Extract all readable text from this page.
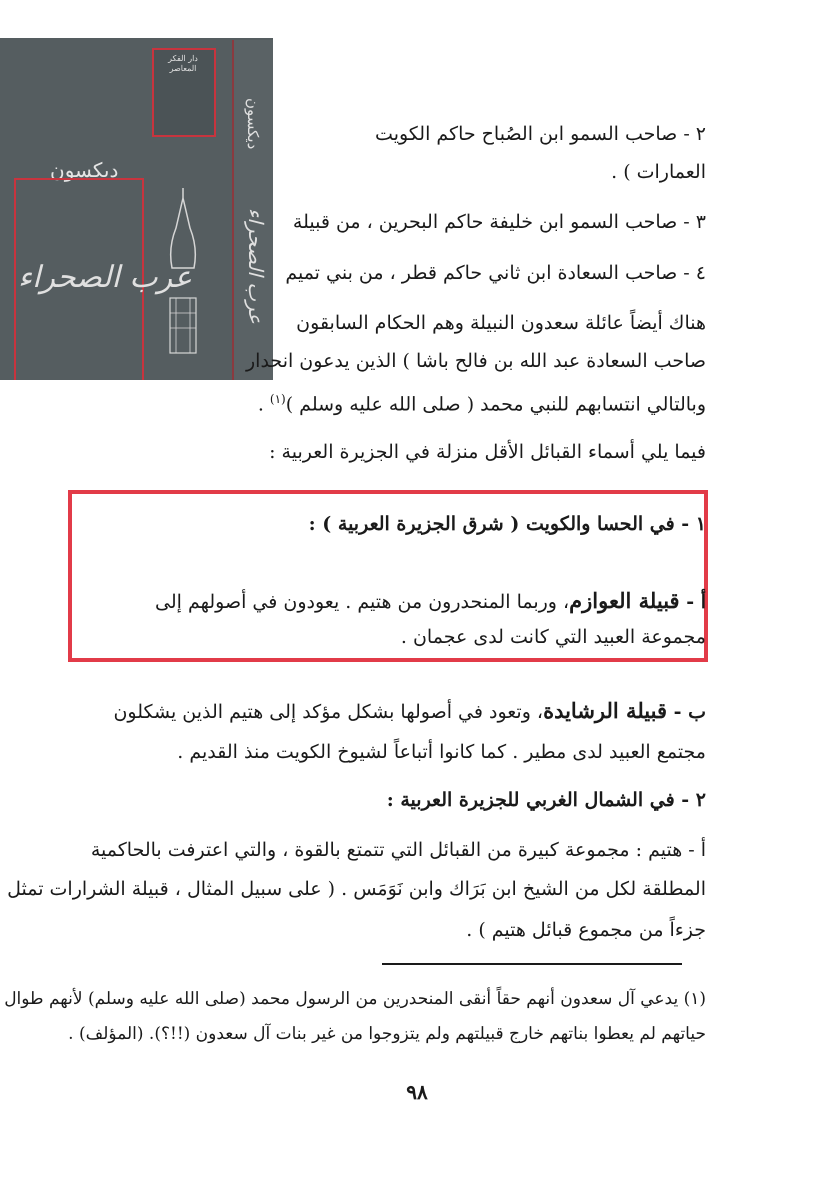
دار الفكر المعاصر
ديكسون
عرب الصحراء
ديكسون
عرب الصحراء
٢ - صاحب السمو ابن الصُباح حاكم الكويت
العمارات ) .
٣ - صاحب السمو ابن خليفة حاكم البحرين ، من قبيلة
٤ - صاحب السعادة ابن ثاني حاكم قطر ، من بني تميم
هناك أيضاً عائلة سعدون النبيلة وهم الحكام السابقون
صاحب السعادة عبد الله بن فالح باشا ) الذين يدعون انحدار
وبالتالي انتسابهم للنبي محمد ( صلى الله عليه وسلم )$^{(١)}$ .
فيما يلي أسماء القبائل الأقل منزلة في الجزيرة العربية :
١ - في الحسا والكويت ( شرق الجزيرة العربية ) :
أ - قبيلة العوازم، وربما المنحدرون من هتيم . يعودون في أصولهم إلى
مجموعة العبيد التي كانت لدى عجمان .
ب - قبيلة الرشايدة، وتعود في أصولها بشكل مؤكد إلى هتيم الذين يشكلون
مجتمع العبيد لدى مطير . كما كانوا أتباعاً لشيوخ الكويت منذ القديم .
٢ - في الشمال الغربي للجزيرة العربية :
أ - هتيم : مجموعة كبيرة من القبائل التي تتمتع بالقوة ، والتي اعترفت بالحاكمية
المطلقة لكل من الشيخ ابن بَرَاك وابن نَوَمَس . ( على سبيل المثال ، قبيلة الشرارات تمثل
جزءاً من مجموع قبائل هتيم ) .
(١) يدعي آل سعدون أنهم حقاً أنقى المنحدرين من الرسول محمد (صلى الله عليه وسلم) لأنهم طوال
حياتهم لم يعطوا بناتهم خارج قبيلتهم ولم يتزوجوا من غير بنات آل سعدون (!!؟). (المؤلف) .
٩٨
